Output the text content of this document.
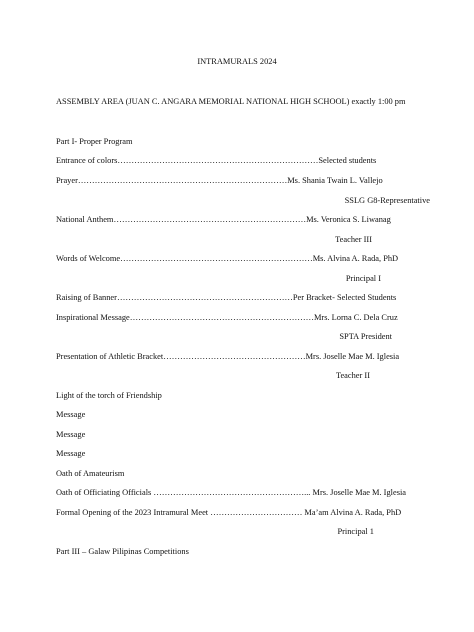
INTRAMURALS 2024
ASSEMBLY AREA (JUAN C. ANGARA MEMORIAL NATIONAL HIGH SCHOOL) exactly 1:00 pm
Part I- Proper Program
Entrance of colors………………………………………………………………Selected students
Prayer…………………………………………………………………Ms. Shania Twain L. Vallejo
SSLG G8-Representative
National Anthem……………………………………………………………Ms. Veronica S. Liwanag
Teacher III
Words of Welcome……………………………………………………………Ms. Alvina A. Rada, PhD
Principal I
Raising of Banner………………………………………………………Per Bracket- Selected Students
Inspirational Message…………………………………………………………Mrs. Lorna C. Dela Cruz
SPTA President
Presentation of Athletic Bracket……………………………………………Mrs. Joselle Mae M. Iglesia
Teacher II
Light of the torch of Friendship
Message
Message
Message
Oath of Amateurism
Oath of Officiating Officials ………………………………………………... Mrs. Joselle Mae M. Iglesia
Formal Opening of the 2023 Intramural Meet …………………………… Ma’am Alvina A. Rada, PhD
Principal 1
Part III – Galaw Pilipinas Competitions
